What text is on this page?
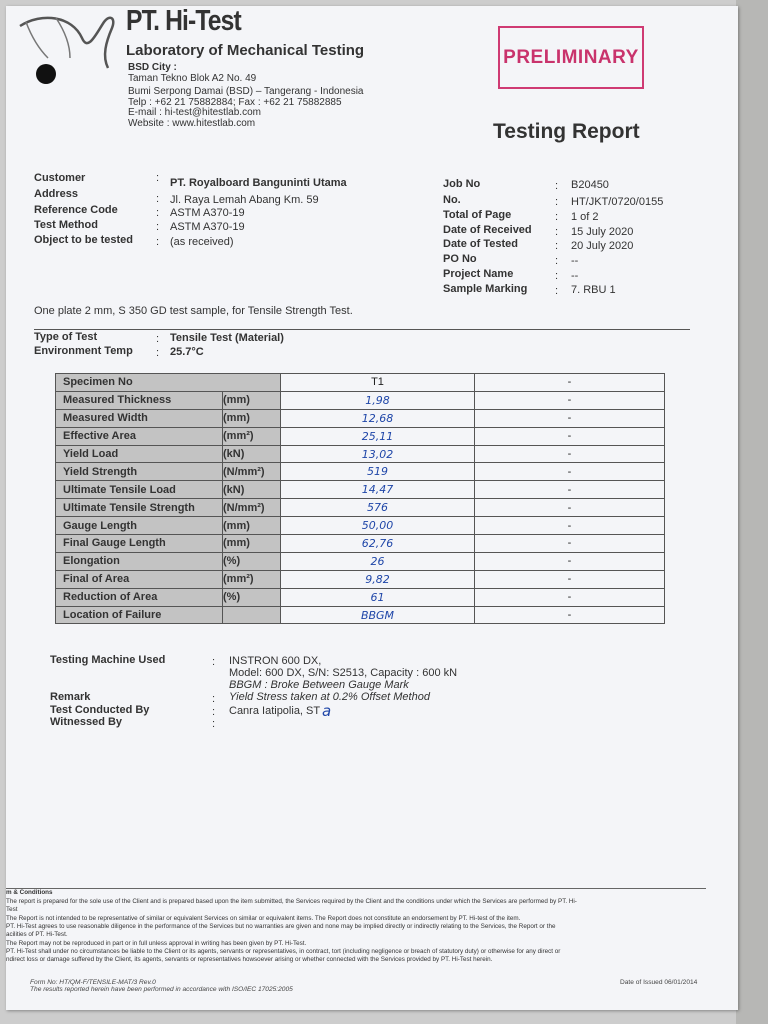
PT. Hi-Test
Laboratory of Mechanical Testing
BSD City :
Taman Tekno Blok A2 No. 49
Bumi Serpong Damai (BSD) – Tangerang - Indonesia
Telp : +62 21 75882884; Fax : +62 21 75882885
E-mail : hi-test@hitestlab.com
Website : www.hitestlab.com
PRELIMINARY
Testing Report
Customer	: PT. Royalboard Banguninti Utama
Address	: Jl. Raya Lemah Abang Km. 59
Reference Code	: ASTM A370-19
Test Method	: ASTM A370-19
Object to be tested : (as received)
Job No	: B20450
No.	: HT/JKT/0720/0155
Total of Page	: 1 of 2
Date of Received : 15 July 2020
Date of Tested	: 20 July 2020
PO No	: --
Project Name	: --
Sample Marking	: 7. RBU 1
One plate 2 mm, S 350 GD test sample, for Tensile Strength Test.
Type of Test	: Tensile Test (Material)
Environment Temp : 25.7°C
Specimen No		T1	-
Measured Thickness	(mm)	1,98	-
Measured Width	(mm)	12,68	-
Effective Area	(mm²)	25,11	-
Yield Load	(kN)	13,02	-
Yield Strength	(N/mm²)	519	-
Ultimate Tensile Load	(kN)	14,47	-
Ultimate Tensile Strength	(N/mm²)	576	-
Gauge Length	(mm)	50,00	-
Final Gauge Length	(mm)	62,76	-
Elongation	(%)	26	-
Final of Area	(mm²)	9,82	-
Reduction of Area	(%)	61	-
Location of Failure		BBGM	-
Testing Machine Used	: INSTRON 600 DX,
Model: 600 DX, S/N: S2513, Capacity : 600 kN
BBGM : Broke Between Gauge Mark
Remark	: Yield Stress taken at 0.2% Offset Method
Test Conducted By	: Canra Iatipolia, ST a
Witnessed By	:
m & Conditions
The report is prepared for the sole use of the Client and is prepared based upon the item submitted, the Services required by the Client and the conditions under which the Services are performed by PT. Hi-
Test
The Report is not intended to be representative of similar or equivalent Services on similar or equivalent items. The Report does not constitute an endorsement by PT. Hi-test of the item.
PT. Hi-Test agrees to use reasonable diligence in the performance of the Services but no warranties are given and none may be implied directly or indirectly relating to the Services, the Report or the
acilities of PT. Hi-Test.
The Report may not be reproduced in part or in full unless approval in writing has been given by PT. Hi-Test.
PT. Hi-Test shall under no circumstances be liable to the Client or its agents, servants or representatives, in contract, tort (including negligence or breach of statutory duty) or otherwise for any direct or
ndirect loss or damage suffered by the Client, its agents, servants or representatives howsoever arising or whether connected with the Services provided by PT. Hi-Test herein.
Form No: HT/QM-F/TENSILE-MAT/3 Rev.0
The results reported herein have been performed in accordance with ISO/IEC 17025:2005
Date of Issued 06/01/2014
